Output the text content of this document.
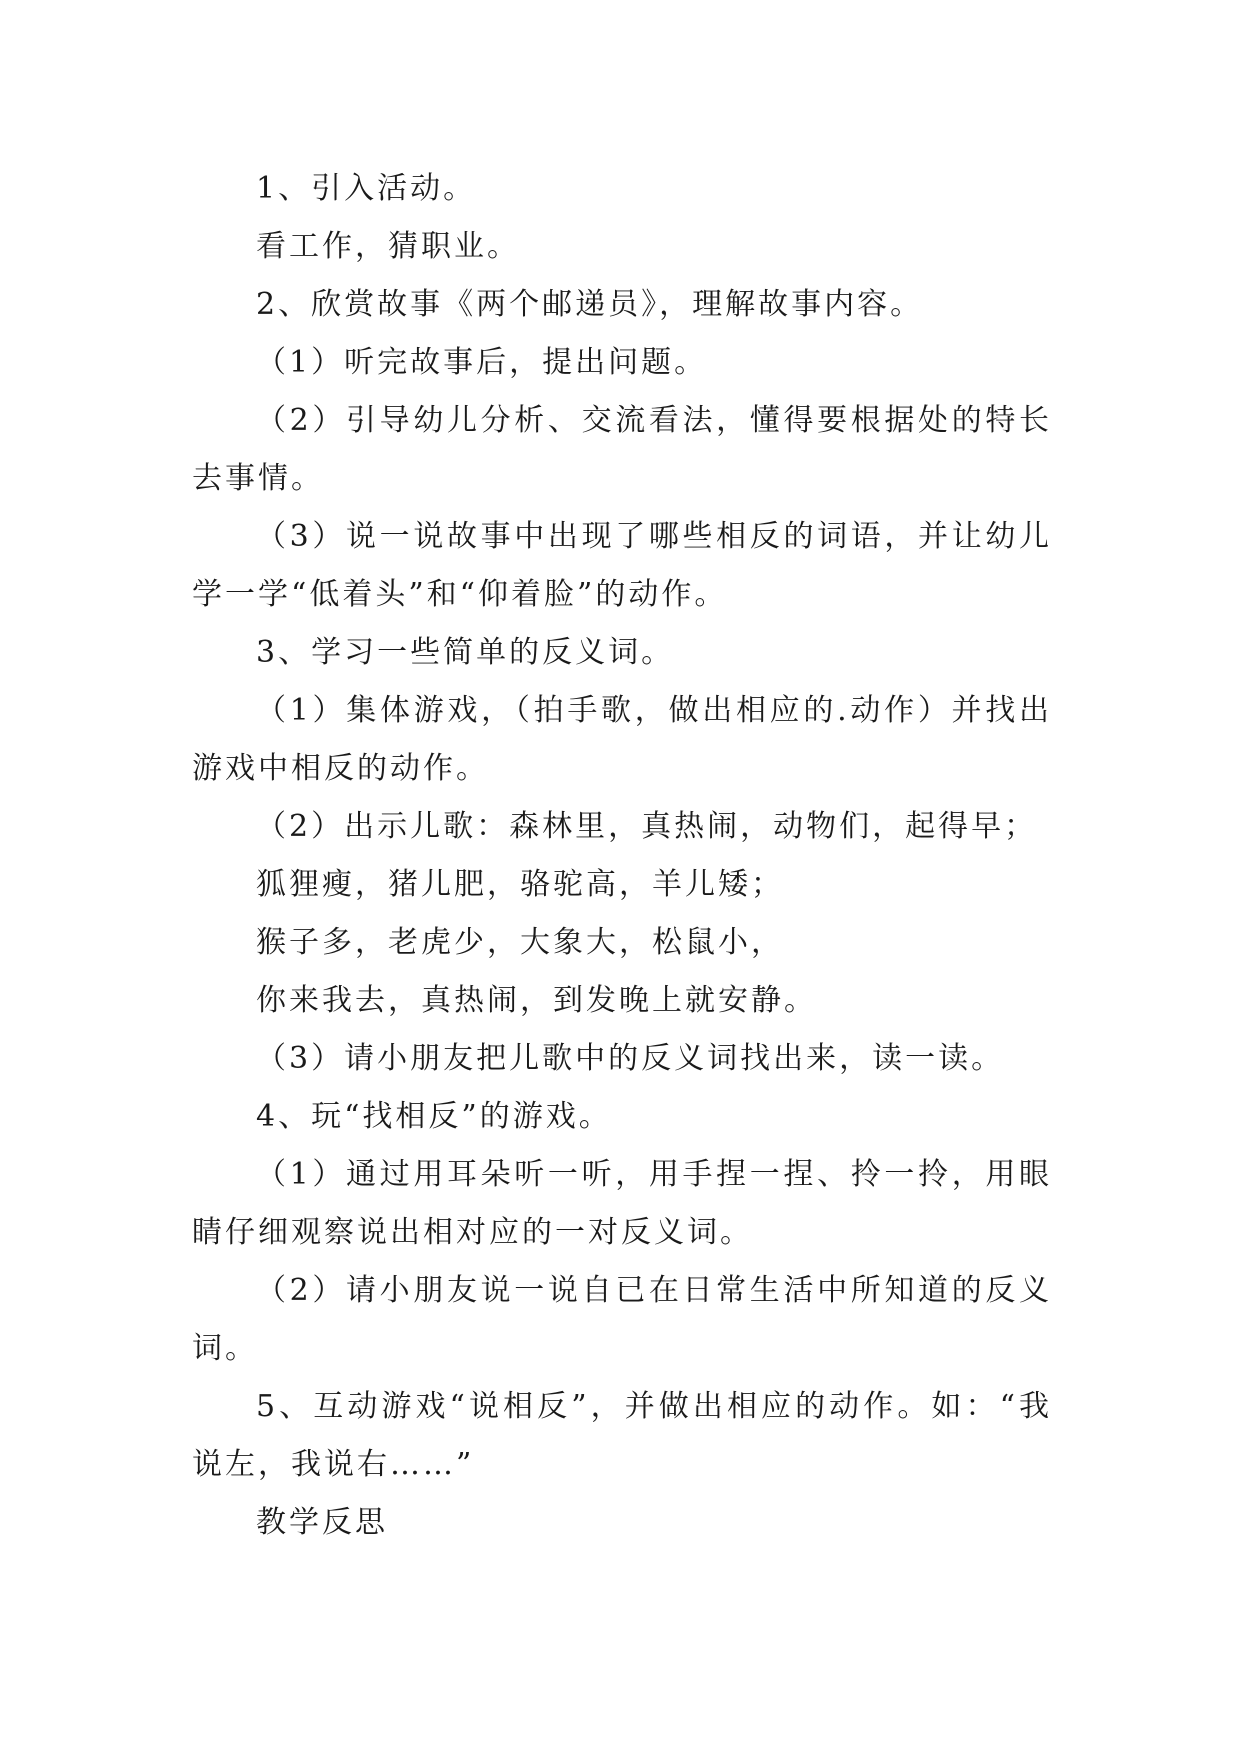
1、引入活动。

看工作，猜职业。

2、欣赏故事《两个邮递员》，理解故事内容。

（1）听完故事后，提出问题。

（2）引导幼儿分析、交流看法，懂得要根据处的特长去事情。

（3）说一说故事中出现了哪些相反的词语，并让幼儿学一学“低着头”和“仰着脸”的动作。

3、学习一些简单的反义词。

（1）集体游戏，（拍手歌，做出相应的.动作）并找出游戏中相反的动作。

（2）出示儿歌：森林里，真热闹，动物们，起得早；

狐狸瘦，猪儿肥，骆驼高，羊儿矮；

猴子多，老虎少，大象大，松鼠小，

你来我去，真热闹，到发晚上就安静。

（3）请小朋友把儿歌中的反义词找出来，读一读。

4、玩“找相反”的游戏。

（1）通过用耳朵听一听，用手捏一捏、拎一拎，用眼睛仔细观察说出相对应的一对反义词。

（2）请小朋友说一说自已在日常生活中所知道的反义词。

5、互动游戏“说相反”，并做出相应的动作。如：“我说左，我说右……”

教学反思
